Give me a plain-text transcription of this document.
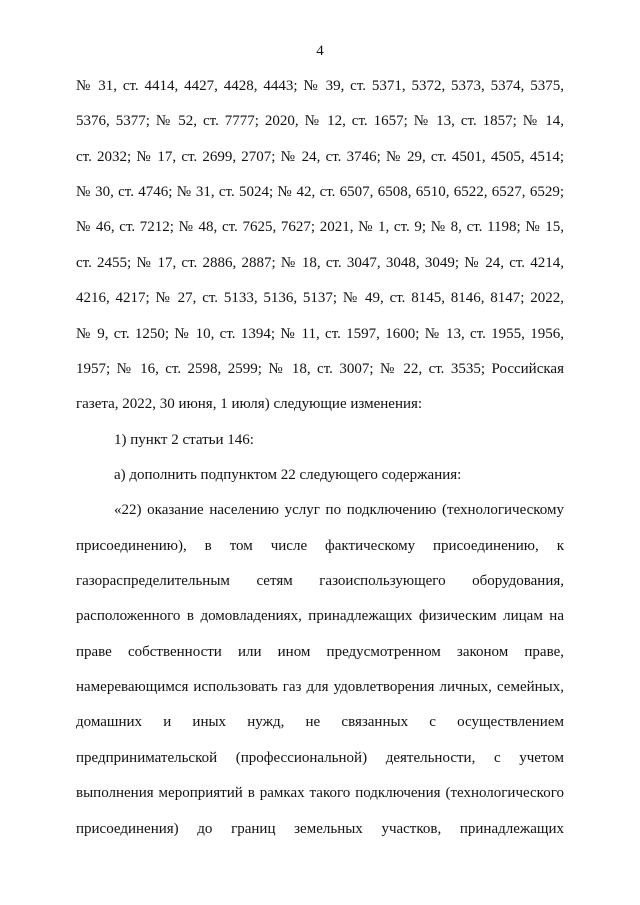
4
№ 31, ст. 4414, 4427, 4428, 4443; № 39, ст. 5371, 5372, 5373, 5374, 5375,
5376, 5377; № 52, ст. 7777; 2020, № 12, ст. 1657; № 13, ст. 1857; № 14,
ст. 2032; № 17, ст. 2699, 2707; № 24, ст. 3746; № 29, ст. 4501, 4505, 4514;
№ 30, ст. 4746; № 31, ст. 5024; № 42, ст. 6507, 6508, 6510, 6522, 6527, 6529;
№ 46, ст. 7212; № 48, ст. 7625, 7627; 2021, № 1, ст. 9; № 8, ст. 1198; № 15,
ст. 2455; № 17, ст. 2886, 2887; № 18, ст. 3047, 3048, 3049; № 24, ст. 4214,
4216, 4217; № 27, ст. 5133, 5136, 5137; № 49, ст. 8145, 8146, 8147; 2022,
№ 9, ст. 1250; № 10, ст. 1394; № 11, ст. 1597, 1600; № 13, ст. 1955, 1956,
1957; № 16, ст. 2598, 2599; № 18, ст. 3007; № 22, ст. 3535; Российская
газета, 2022, 30 июня, 1 июля) следующие изменения:
1) пункт 2 статьи 146:
а) дополнить подпунктом 22 следующего содержания:
«22) оказание населению услуг по подключению (технологическому
присоединению), в том числе фактическому присоединению, к
газораспределительным сетям газоиспользующего оборудования,
расположенного в домовладениях, принадлежащих физическим лицам на
праве собственности или ином предусмотренном законом праве,
намеревающимся использовать газ для удовлетворения личных, семейных,
домашних и иных нужд, не связанных с осуществлением
предпринимательской (профессиональной) деятельности, с учетом
выполнения мероприятий в рамках такого подключения (технологического
присоединения) до границ земельных участков, принадлежащих
